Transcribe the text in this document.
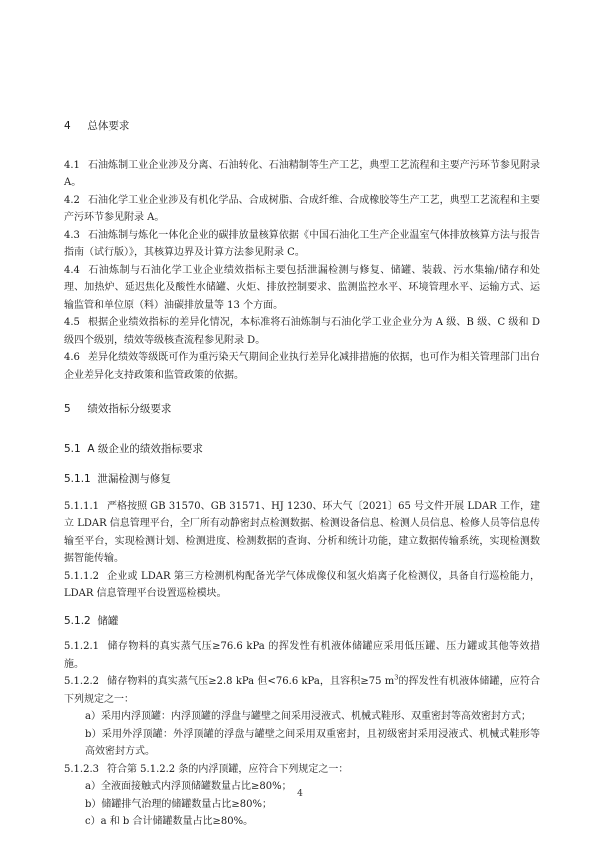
4 总体要求
4.1 石油炼制工业企业涉及分离、石油转化、石油精制等生产工艺，典型工艺流程和主要产污环节参见附录 A。
4.2 石油化学工业企业涉及有机化学品、合成树脂、合成纤维、合成橡胶等生产工艺，典型工艺流程和主要产污环节参见附录 A。
4.3 石油炼制与炼化一体化企业的碳排放量核算依据《中国石油化工生产企业温室气体排放核算方法与报告指南（试行版）》，其核算边界及计算方法参见附录 C。
4.4 石油炼制与石油化学工业企业绩效指标主要包括泄漏检测与修复、储罐、装载、污水集输/储存和处理、加热炉、延迟焦化及酸性水储罐、火炬、排放控制要求、监测监控水平、环境管理水平、运输方式、运输监管和单位原（料）油碳排放量等 13 个方面。
4.5 根据企业绩效指标的差异化情况，本标准将石油炼制与石油化学工业企业分为 A 级、B 级、C 级和 D 级四个级别，绩效等级核查流程参见附录 D。
4.6 差异化绩效等级既可作为重污染天气期间企业执行差异化减排措施的依据，也可作为相关管理部门出台企业差异化支持政策和监管政策的依据。
5 绩效指标分级要求
5.1 A 级企业的绩效指标要求
5.1.1 泄漏检测与修复
5.1.1.1 严格按照 GB 31570、GB 31571、HJ 1230、环大气〔2021〕65 号文件开展 LDAR 工作，建立 LDAR 信息管理平台，全厂所有动静密封点检测数据、检测设备信息、检测人员信息、检修人员等信息传输至平台，实现检测计划、检测进度、检测数据的查询、分析和统计功能，建立数据传输系统，实现检测数据智能传输。
5.1.1.2 企业或 LDAR 第三方检测机构配备光学气体成像仪和氢火焰离子化检测仪，具备自行巡检能力，LDAR 信息管理平台设置巡检模块。
5.1.2 储罐
5.1.2.1 储存物料的真实蒸气压≥76.6 kPa 的挥发性有机液体储罐应采用低压罐、压力罐或其他等效措施。
5.1.2.2 储存物料的真实蒸气压≥2.8 kPa 但<76.6 kPa，且容积≥75 $m^3$的挥发性有机液体储罐，应符合下列规定之一：
a）采用内浮顶罐：内浮顶罐的浮盘与罐壁之间采用浸液式、机械式鞋形、双重密封等高效密封方式；
b）采用外浮顶罐：外浮顶罐的浮盘与罐壁之间采用双重密封，且初级密封采用浸液式、机械式鞋形等高效密封方式。
5.1.2.3 符合第 5.1.2.2 条的内浮顶罐，应符合下列规定之一：
a）全液面接触式内浮顶储罐数量占比≥80%；
b）储罐排气治理的储罐数量占比≥80%；
c）a 和 b 合计储罐数量占比≥80%。
4
